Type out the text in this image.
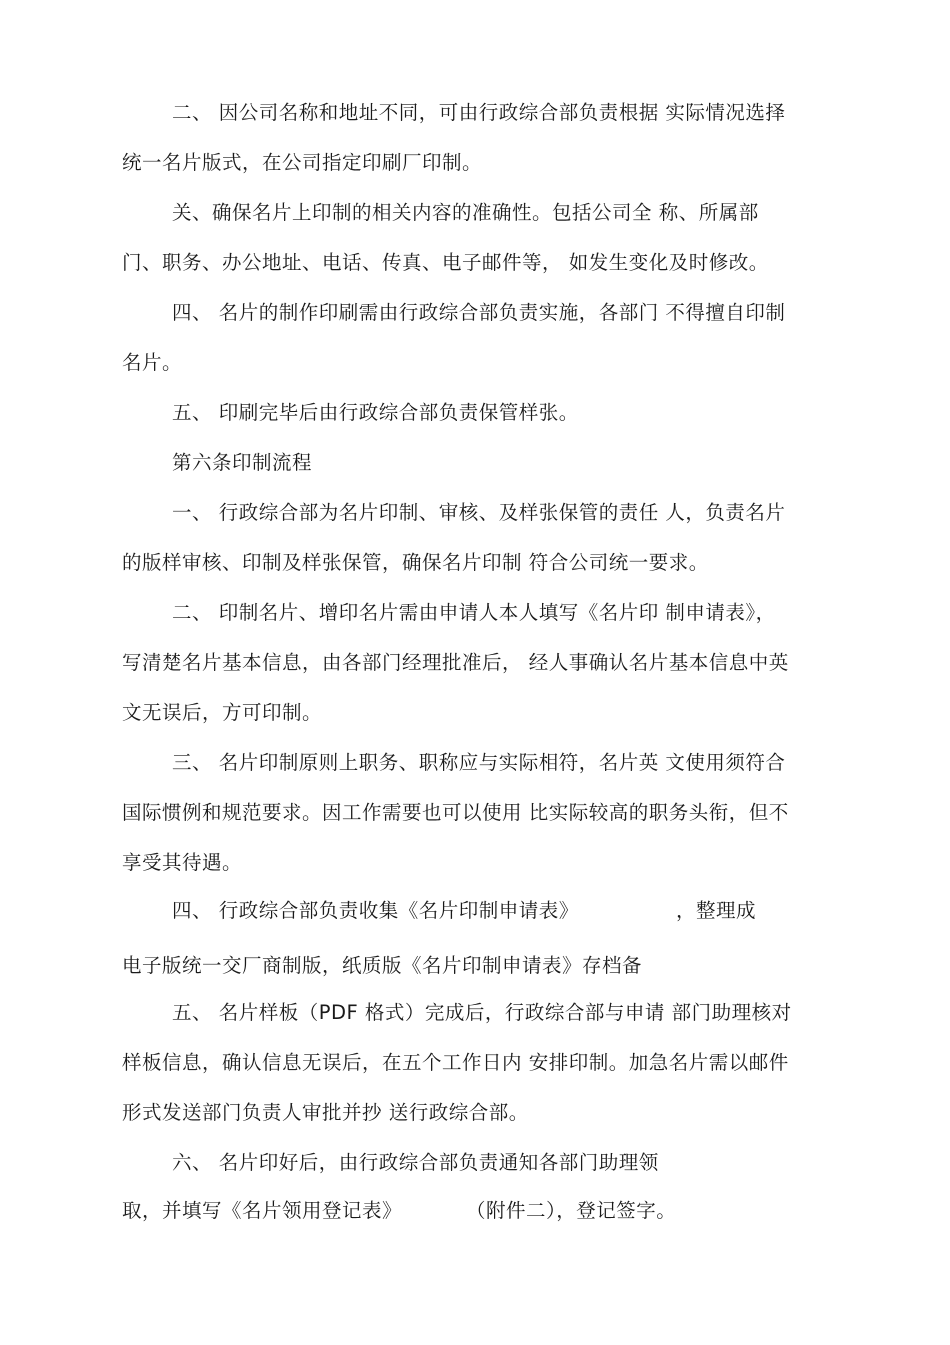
二、 因公司名称和地址不同，可由行政综合部负责根据 实际情况选择
统一名片版式，在公司指定印刷厂印制。
关、确保名片上印制的相关内容的准确性。包括公司全 称、所属部
门、职务、办公地址、电话、传真、电子邮件等， 如发生变化及时修改。
四、 名片的制作印刷需由行政综合部负责实施，各部门 不得擅自印制
名片。
五、 印刷完毕后由行政综合部负责保管样张。
第六条印制流程
一、 行政综合部为名片印制、审核、及样张保管的责任 人，负责名片
的版样审核、印制及样张保管，确保名片印制 符合公司统一要求。
二、 印制名片、增印名片需由申请人本人填写《名片印 制申请表》，
写清楚名片基本信息，由各部门经理批准后， 经人事确认名片基本信息中英
文无误后，方可印制。
三、 名片印制原则上职务、职称应与实际相符，名片英 文使用须符合
国际惯例和规范要求。因工作需要也可以使用 比实际较高的职务头衔，但不
享受其待遇。
四、 行政综合部负责收集《名片印制申请表》	，整理成
电子版统一交厂商制版，纸质版《名片印制申请表》存档备
五、 名片样板（PDF 格式）完成后，行政综合部与申请 部门助理核对
样板信息，确认信息无误后，在五个工作日内 安排印制。加急名片需以邮件
形式发送部门负责人审批并抄 送行政综合部。
六、 名片印好后，由行政综合部负责通知各部门助理领
取，并填写《名片领用登记表》	（附件二），登记签字。
